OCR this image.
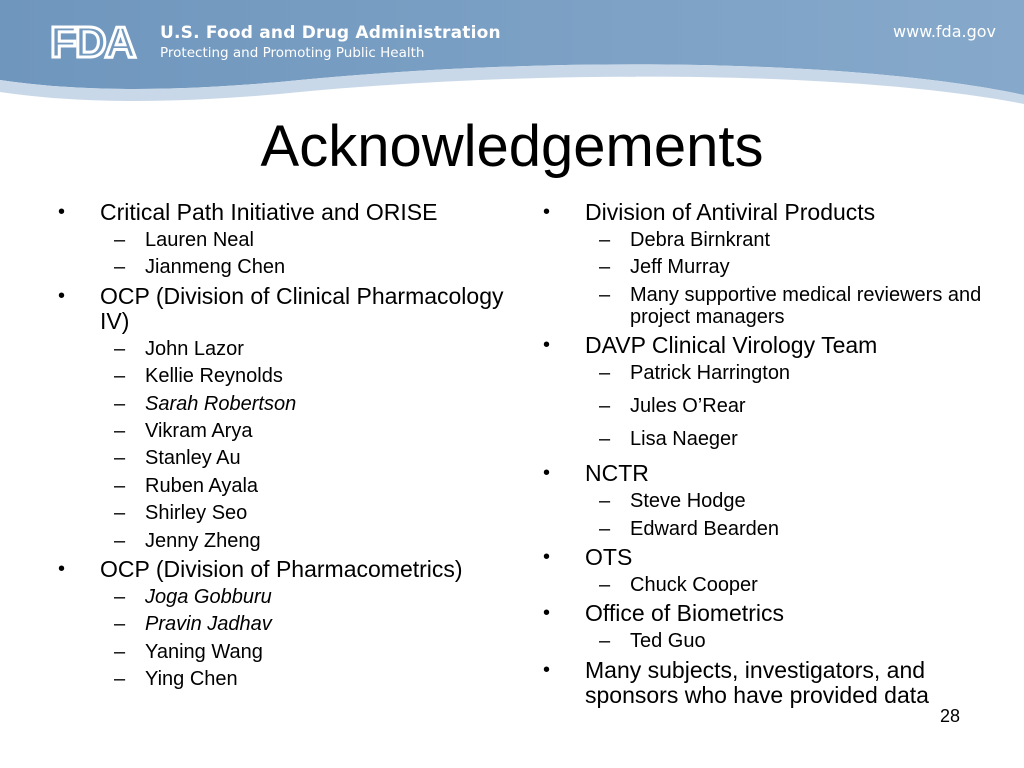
FDA U.S. Food and Drug Administration
Protecting and Promoting Public Health
www.fda.gov
Acknowledgements
• Critical Path Initiative and ORISE
– Lauren Neal
– Jianmeng Chen
• OCP (Division of Clinical Pharmacology IV)
– John Lazor
– Kellie Reynolds
– Sarah Robertson
– Vikram Arya
– Stanley Au
– Ruben Ayala
– Shirley Seo
– Jenny Zheng
• OCP (Division of Pharmacometrics)
– Joga Gobburu
– Pravin Jadhav
– Yaning Wang
– Ying Chen
• Division of Antiviral Products
– Debra Birnkrant
– Jeff Murray
– Many supportive medical reviewers and project managers
• DAVP Clinical Virology Team
– Patrick Harrington
– Jules O’Rear
– Lisa Naeger
• NCTR
– Steve Hodge
– Edward Bearden
• OTS
– Chuck Cooper
• Office of Biometrics
– Ted Guo
• Many subjects, investigators, and sponsors who have provided data
28
